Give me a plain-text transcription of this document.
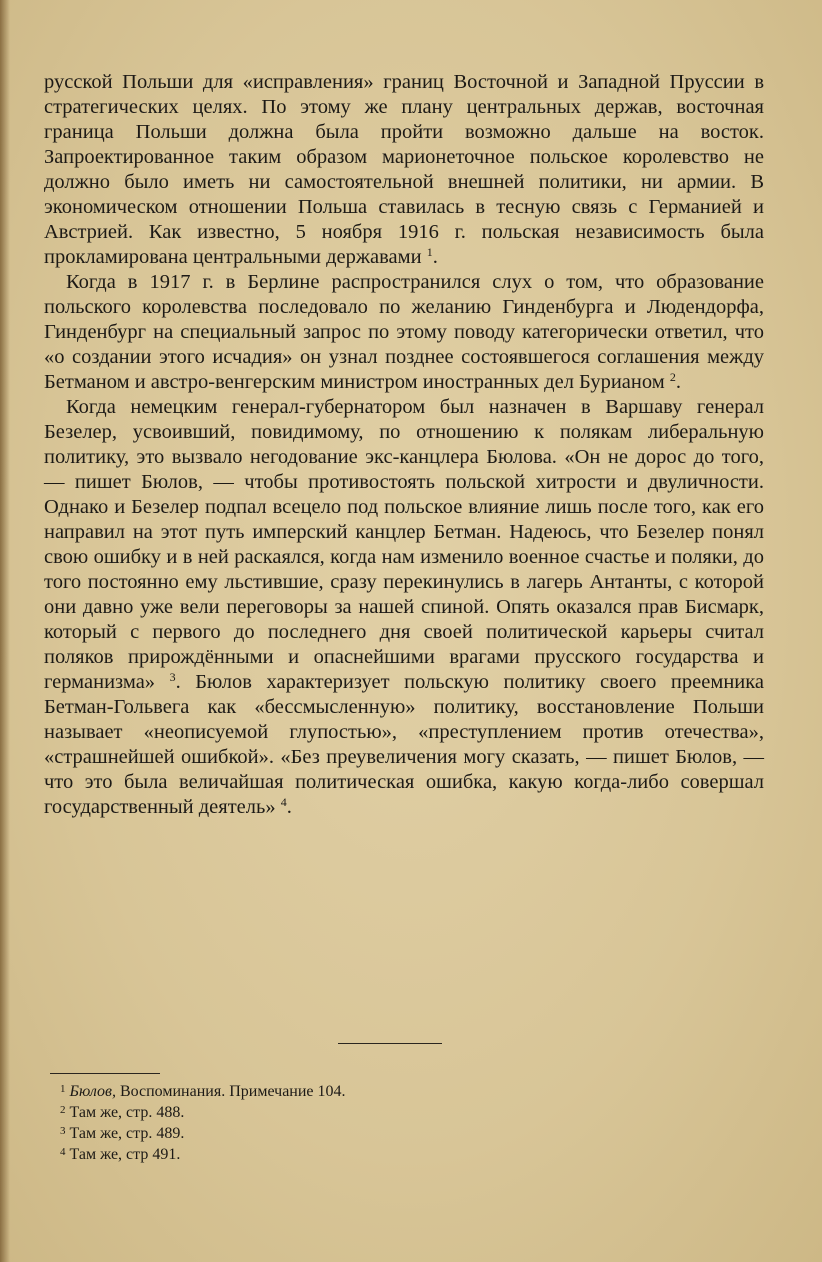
русской Польши для «исправления» границ Восточной и Западной Пруссии в стратегических целях. По этому же плану центральных держав, восточная граница Польши должна была пройти возможно дальше на восток. Запроектированное таким образом марионеточное польское королевство не должно было иметь ни самостоятельной внешней политики, ни армии. В экономическом отношении Польша ставилась в тесную связь с Германией и Австрией. Как известно, 5 ноября 1916 г. польская независимость была прокламирована центральными державами $^1$.

Когда в 1917 г. в Берлине распространился слух о том, что образование польского королевства последовало по желанию Гинденбурга и Людендорфа, Гинденбург на специальный запрос по этому поводу категорически ответил, что «о создании этого исчадия» он узнал позднее состоявшегося соглашения между Бетманом и австро-венгерским министром иностранных дел Бурианом $^2$.

Когда немецким генерал-губернатором был назначен в Варшаву генерал Безелер, усвоивший, повидимому, по отношению к полякам либеральную политику, это вызвало негодование экс-канцлера Бюлова. «Он не дорос до того, — пишет Бюлов, — чтобы противостоять польской хитрости и двуличности. Однако и Безелер подпал всецело под польское влияние лишь после того, как его направил на этот путь имперский канцлер Бетман. Надеюсь, что Безелер понял свою ошибку и в ней раскаялся, когда нам изменило военное счастье и поляки, до того постоянно ему льстившие, сразу перекинулись в лагерь Антанты, с которой они давно уже вели переговоры за нашей спиной. Опять оказался прав Бисмарк, который с первого до последнего дня своей политической карьеры считал поляков прирождёнными и опаснейшими врагами прусского государства и германизма» $^3$. Бюлов характеризует польскую политику своего преемника Бетман-Гольвега как «бессмысленную» политику, восстановление Польши называет «неописуемой глупостью», «преступлением против отечества», «страшнейшей ошибкой». «Без преувеличения могу сказать, — пишет Бюлов, — что это была величайшая политическая ошибка, какую когда-либо совершал государственный деятель» $^4$.

$^1$ Бюлов, Воспоминания. Примечание 104.

$^2$ Там же, стр. 488.

$^3$ Там же, стр. 489.

$^4$ Там же, стр 491.
